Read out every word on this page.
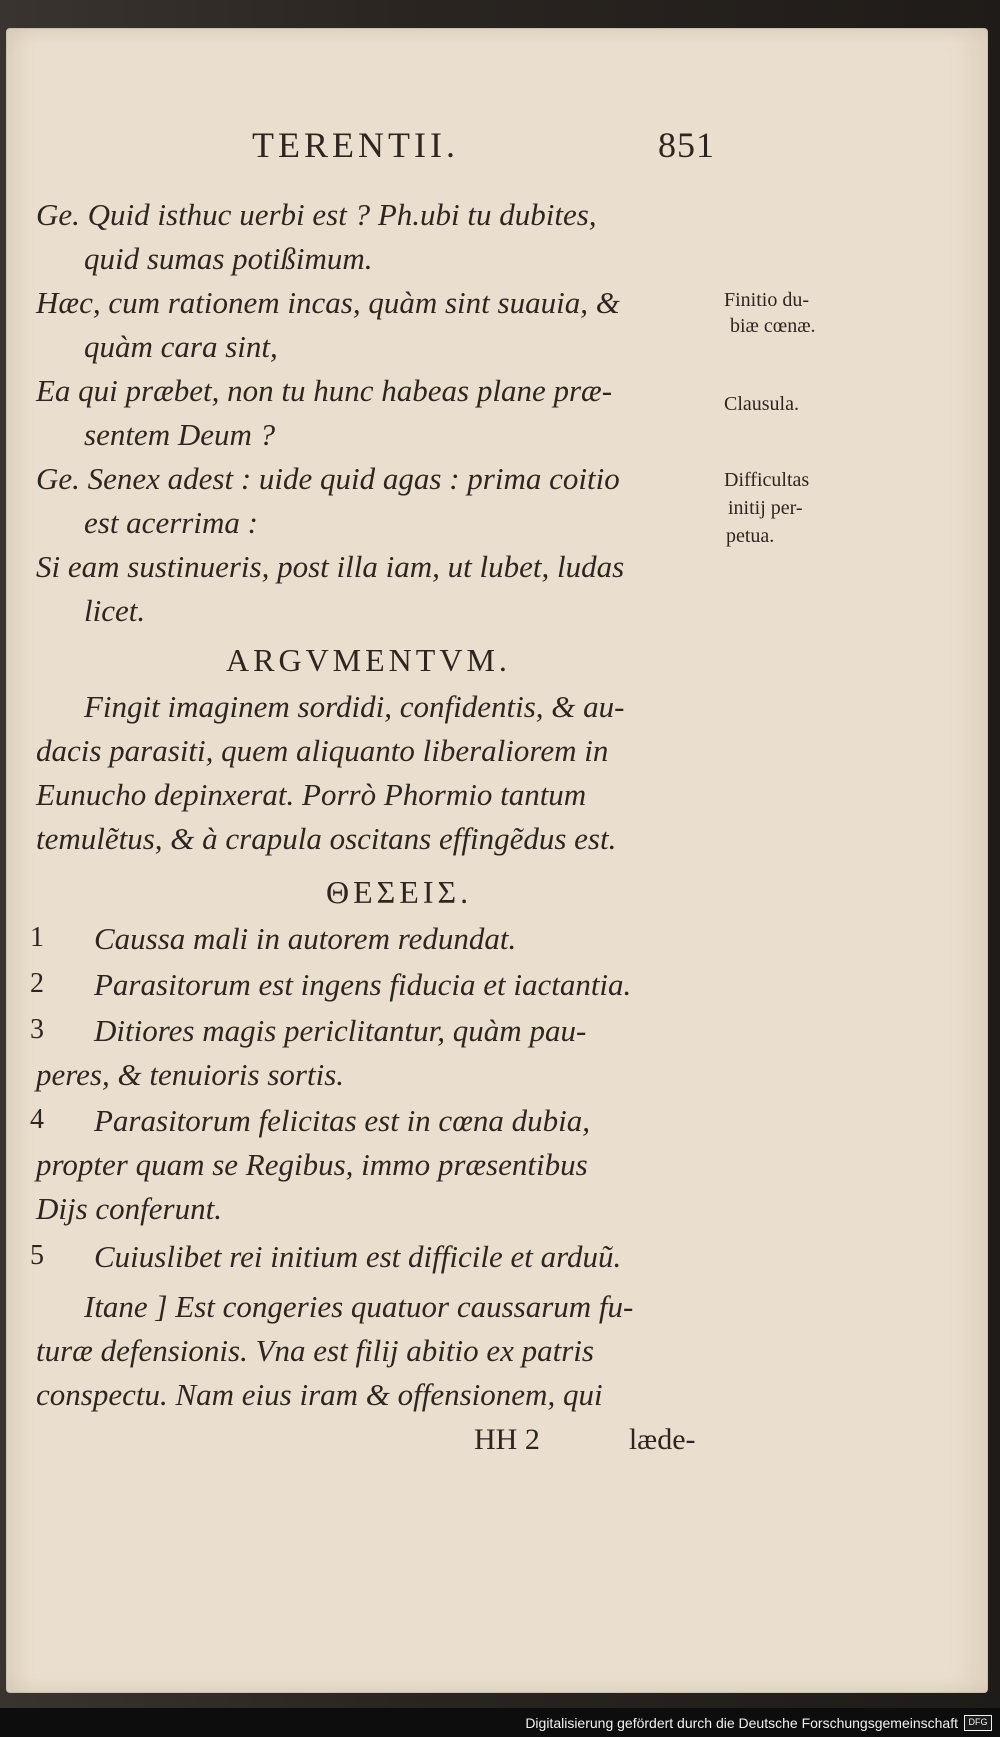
TERENTII.	851
Ge. Quid isthuc uerbi est ? Ph.ubi tu dubites,
quid sumas potißimum.
Hæc, cum rationem incas, quàm sint suauia, &
quàm cara sint,
Ea qui præbet, non tu hunc habeas plane præ-
sentem Deum ?
Ge. Senex adest : uide quid agas : prima coitio
est acerrima :
Si eam sustinueris, post illa iam, ut lubet, ludas
licet.
ARGVMENTVM.
Fingit imaginem sordidi, confidentis, & au-
dacis parasiti, quem aliquanto liberaliorem in
Eunucho depinxerat. Porrò Phormio tantum
temulẽtus, & à crapula oscitans effingẽdus est.
ΘΕΣΕΙΣ.
1 Caussa mali in autorem redundat.
2 Parasitorum est ingens fiducia et iactantia.
3 Ditiores magis periclitantur, quàm pau-
peres, & tenuioris sortis.
4 Parasitorum felicitas est in cœna dubia,
propter quam se Regibus, immo præsentibus
Dijs conferunt.
5 Cuiuslibet rei initium est difficile et arduũ.
Itane ] Est congeries quatuor caussarum fu-
turæ defensionis. Vna est filij abitio ex patris
conspectu. Nam eius iram & offensionem, qui
HH 2	læde-
Finitio du-
biæ cœnæ.
Clausula.
Difficultas
initij per-
petua.
Digitalisierung gefördert durch die Deutsche Forschungsgemeinschaft	DFG
